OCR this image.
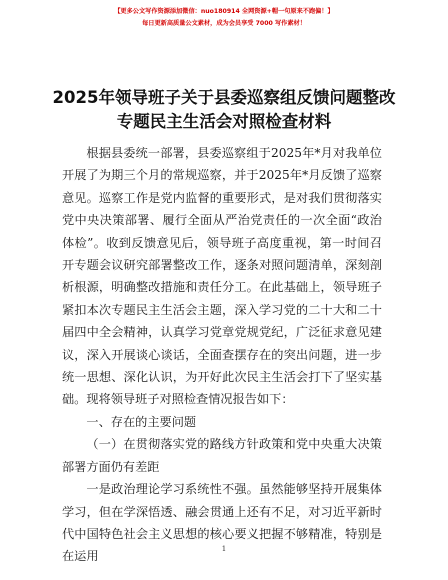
【更多公文写作资源添加微信：nuo180914 全网资源+帽一句原来不跑偏！】
每日更新高质量公文素材，成为会员享受 7000 写作素材！
2025年领导班子关于县委巡察组反馈问题整改
专题民主生活会对照检查材料

根据县委统一部署，县委巡察组于2025年*月对我单位开展了为期三个月的常规巡察，并于2025年*月反馈了巡察意见。巡察工作是党内监督的重要形式，是对我们贯彻落实党中央决策部署、履行全面从严治党责任的一次全面“政治体检”。收到反馈意见后，领导班子高度重视，第一时间召开专题会议研究部署整改工作，逐条对照问题清单，深刻剖析根源，明确整改措施和责任分工。在此基础上，领导班子紧扣本次专题民主生活会主题，深入学习党的二十大和二十届四中全会精神，认真学习党章党规党纪，广泛征求意见建议，深入开展谈心谈话，全面查摆存在的突出问题，进一步统一思想、深化认识，为开好此次民主生活会打下了坚实基础。现将领导班子对照检查情况报告如下：

一、存在的主要问题

（一）在贯彻落实党的路线方针政策和党中央重大决策部署方面仍有差距

一是政治理论学习系统性不强。虽然能够坚持开展集体学习，但在学深悟透、融会贯通上还有不足，对习近平新时代中国特色社会主义思想的核心要义把握不够精准，特别是在运用

1
